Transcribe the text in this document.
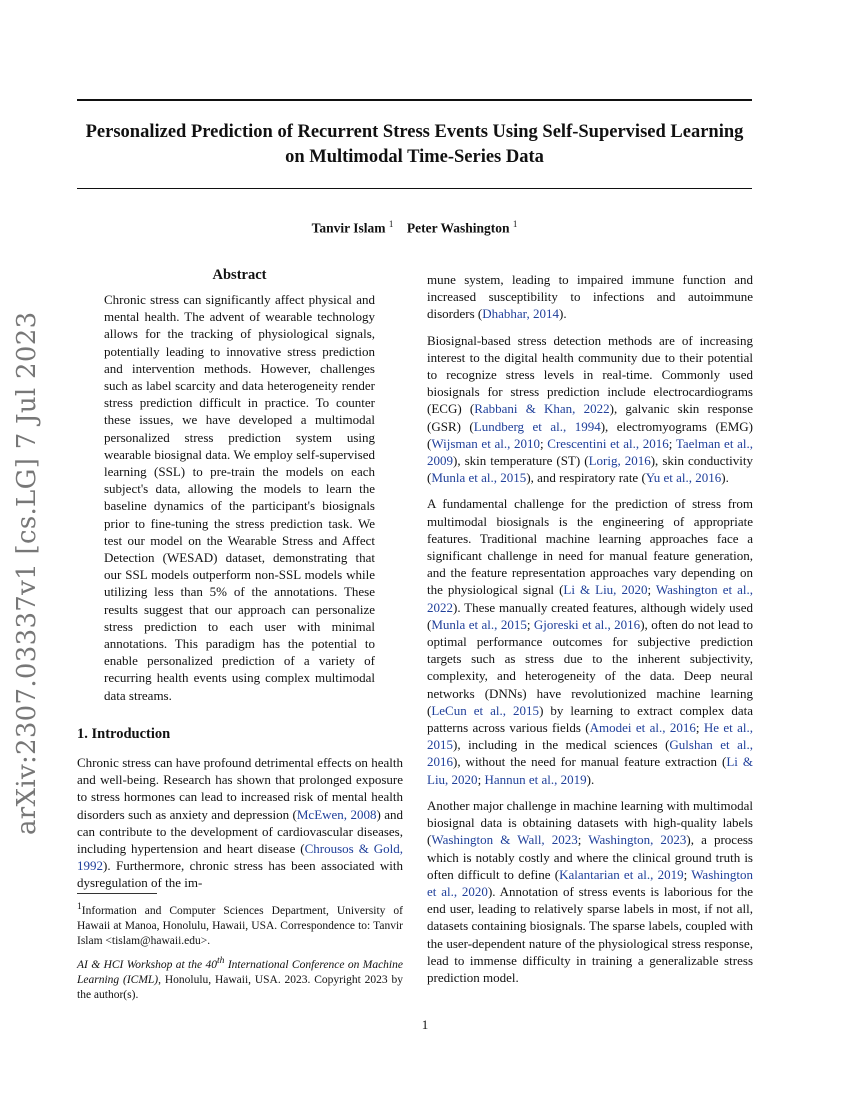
Personalized Prediction of Recurrent Stress Events Using Self-Supervised Learning on Multimodal Time-Series Data
Tanvir Islam $^1$ Peter Washington $^1$
arXiv:2307.03337v1 [cs.LG] 7 Jul 2023
Abstract
Chronic stress can significantly affect physical and mental health. The advent of wearable technology allows for the tracking of physiological signals, potentially leading to innovative stress prediction and intervention methods. However, challenges such as label scarcity and data heterogeneity render stress prediction difficult in practice. To counter these issues, we have developed a multimodal personalized stress prediction system using wearable biosignal data. We employ self-supervised learning (SSL) to pre-train the models on each subject's data, allowing the models to learn the baseline dynamics of the participant's biosignals prior to fine-tuning the stress prediction task. We test our model on the Wearable Stress and Affect Detection (WESAD) dataset, demonstrating that our SSL models outperform non-SSL models while utilizing less than 5% of the annotations. These results suggest that our approach can personalize stress prediction to each user with minimal annotations. This paradigm has the potential to enable personalized prediction of a variety of recurring health events using complex multimodal data streams.
1. Introduction
Chronic stress can have profound detrimental effects on health and well-being. Research has shown that prolonged exposure to stress hormones can lead to increased risk of mental health disorders such as anxiety and depression (McEwen, 2008) and can contribute to the development of cardiovascular diseases, including hypertension and heart disease (Chrousos & Gold, 1992). Furthermore, chronic stress has been associated with dysregulation of the im-
$^1$Information and Computer Sciences Department, University of Hawaii at Manoa, Honolulu, Hawaii, USA. Correspondence to: Tanvir Islam <tislam@hawaii.edu>.
AI & HCI Workshop at the 40th International Conference on Machine Learning (ICML), Honolulu, Hawaii, USA. 2023. Copyright 2023 by the author(s).

mune system, leading to impaired immune function and increased susceptibility to infections and autoimmune disorders (Dhabhar, 2014).

Biosignal-based stress detection methods are of increasing interest to the digital health community due to their potential to recognize stress levels in real-time. Commonly used biosignals for stress prediction include electrocardiograms (ECG) (Rabbani & Khan, 2022), galvanic skin response (GSR) (Lundberg et al., 1994), electromyograms (EMG) (Wijsman et al., 2010; Crescentini et al., 2016; Taelman et al., 2009), skin temperature (ST) (Lorig, 2016), skin conductivity (Munla et al., 2015), and respiratory rate (Yu et al., 2016).

A fundamental challenge for the prediction of stress from multimodal biosignals is the engineering of appropriate features. Traditional machine learning approaches face a significant challenge in need for manual feature generation, and the feature representation approaches vary depending on the physiological signal (Li & Liu, 2020; Washington et al., 2022). These manually created features, although widely used (Munla et al., 2015; Gjoreski et al., 2016), often do not lead to optimal performance outcomes for subjective prediction targets such as stress due to the inherent subjectivity, complexity, and heterogeneity of the data. Deep neural networks (DNNs) have revolutionized machine learning (LeCun et al., 2015) by learning to extract complex data patterns across various fields (Amodei et al., 2016; He et al., 2015), including in the medical sciences (Gulshan et al., 2016), without the need for manual feature extraction (Li & Liu, 2020; Hannun et al., 2019).

Another major challenge in machine learning with multimodal biosignal data is obtaining datasets with high-quality labels (Washington & Wall, 2023; Washington, 2023), a process which is notably costly and where the clinical ground truth is often difficult to define (Kalantarian et al., 2019; Washington et al., 2020). Annotation of stress events is laborious for the end user, leading to relatively sparse labels in most, if not all, datasets containing biosignals. The sparse labels, coupled with the user-dependent nature of the physiological stress response, lead to immense difficulty in training a generalizable stress prediction model.

1
